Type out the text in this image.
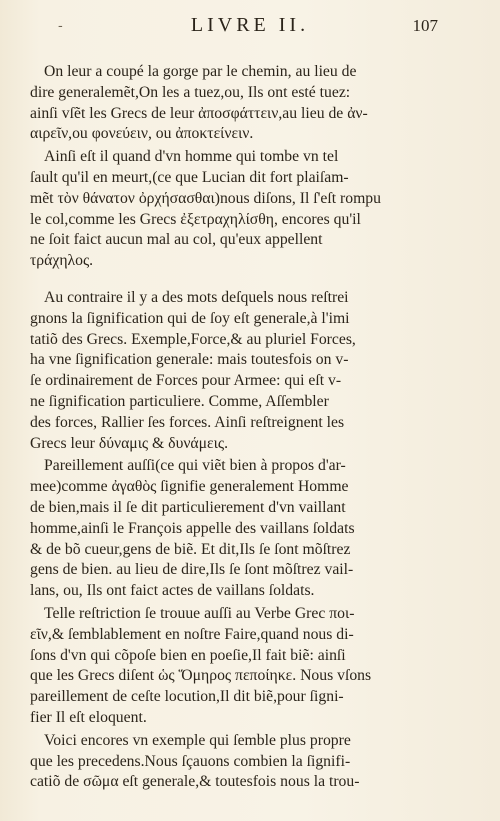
-	LIVRE II.	107
On leur a coupé la gorge par le chemin, au lieu de
dire generalemẽt,On les a tuez,ou, Ils ont esté tuez:
ainſi vſẽt les Grecs de leur ἀποσφάττειν,au lieu de ἀν-
αιρεῖν,ou φονεύειν, ou ἀποκτείνειν.
Ainſi eſt il quand d'vn homme qui tombe vn tel
ſault qu'il en meurt,(ce que Lucian dit fort plaiſam-
mẽt τὸν θάνατον ὀρχήσασθαι)nous diſons, Il ſ'eſt rompu
le col,comme les Grecs ἐξετραχηλίσθη, encores qu'il
ne ſoit faict aucun mal au col, qu'eux appellent
τράχηλος.
Au contraire il y a des mots deſquels nous reſtrei
gnons la ſignification qui de ſoy eſt generale,à l'imi
tatiõ des Grecs. Exemple,Force,& au pluriel Forces,
ha vne ſignification generale: mais toutesfois on v-
ſe ordinairement de Forces pour Armee: qui eſt v-
ne ſignification particuliere. Comme, Aſſembler
des forces, Rallier ſes forces. Ainſi reſtreignent les
Grecs leur δύναμις & δυνάμεις.
Pareillement auſſi(ce qui viẽt bien à propos d'ar-
mee)comme ἀγαθὸς ſignifie generalement Homme
de bien,mais il ſe dit particulierement d'vn vaillant
homme,ainſi le François appelle des vaillans ſoldats
& de bõ cueur,gens de biẽ. Et dit,Ils ſe ſont mõſtrez
gens de bien. au lieu de dire,Ils ſe ſont mõſtrez vail-
lans, ou, Ils ont faict actes de vaillans ſoldats.
Telle reſtriction ſe trouue auſſi au Verbe Grec ποι-
εῖν,& ſemblablement en noſtre Faire,quand nous di-
ſons d'vn qui cõpoſe bien en poeſie,Il fait biẽ: ainſi
que les Grecs diſent ὡς Ὅμηρος πεποίηκε. Nous vſons
pareillement de ceſte locution,Il dit biẽ,pour ſigni-
fier Il eſt eloquent.
Voici encores vn exemple qui ſemble plus propre
que les precedens.Nous ſçauons combien la ſignifi-
catiõ de σῶμα eſt generale,& toutesfois nous la trou-
